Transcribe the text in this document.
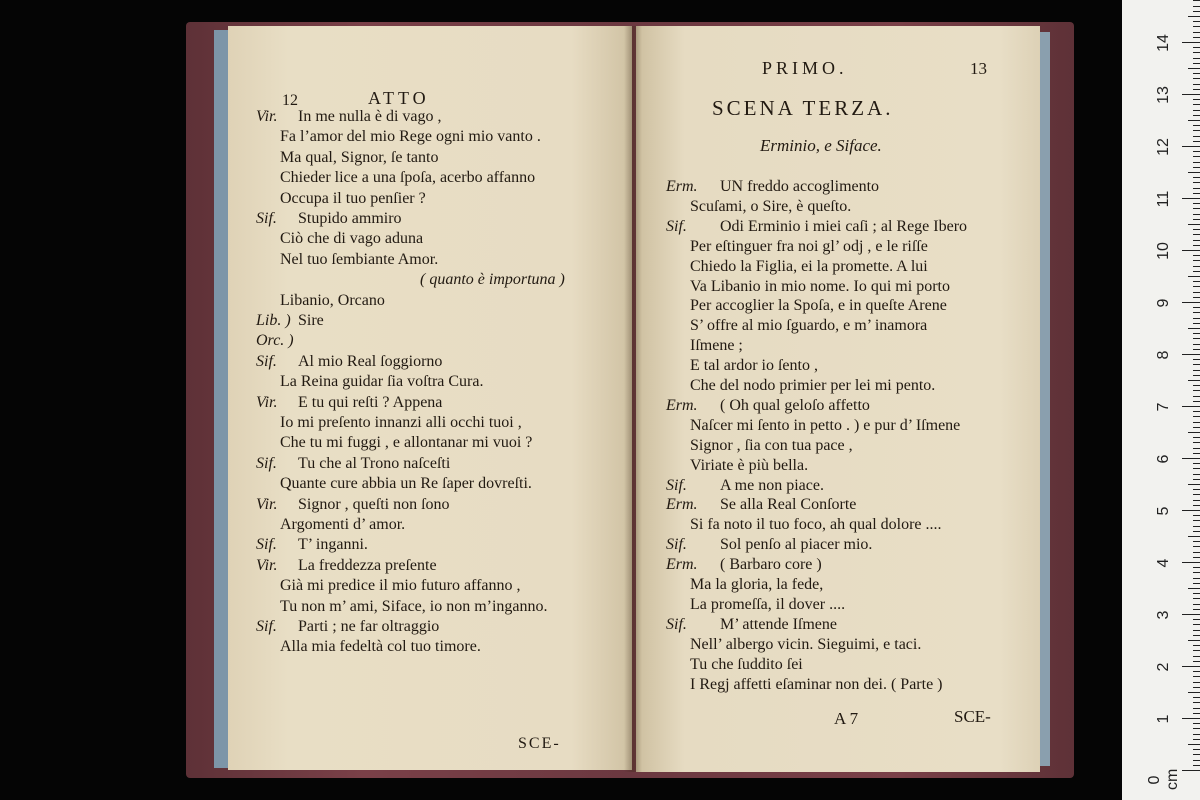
12	ATTO
Vir. In me nulla è di vago ,
Fa l’amor del mio Rege ogni mio vanto .
Ma qual, Signor, ſe tanto
Chieder lice a una ſpoſa, acerbo affanno
Occupa il tuo penſier ?
Sif. Stupido ammiro
Ciò che di vago aduna
Nel tuo ſembiante Amor.
( quanto è importuna )
Libanio, Orcano
Lib. ) Sire
Orc. )
Sif. Al mio Real ſoggiorno
La Reina guidar ſia voſtra Cura.
Vir. E tu qui reſti ? Appena
Io mi preſento innanzi alli occhi tuoi ,
Che tu mi fuggi , e allontanar mi vuoi ?
Sif. Tu che al Trono naſceſti
Quante cure abbia un Re ſaper dovreſti.
Vir. Signor , queſti non ſono
Argomenti d’ amor.
Sif. T’ inganni.
Vir. La freddezza preſente
Già mi predice il mio futuro affanno ,
Tu non m’ ami, Siface, io non m’inganno.
Sif. Parti ; ne far oltraggio
Alla mia fedeltà col tuo timore.
SCE-
PRIMO.	13
SCENA TERZA.
Erminio, e Siface.
Erm. UN freddo accoglimento
Scuſami, o Sire, è queſto.
Sif. Odi Erminio i miei caſi ; al Rege Ibero
Per eſtinguer fra noi gl’ odj , e le riſſe
Chiedo la Figlia, ei la promette. A lui
Va Libanio in mio nome. Io qui mi porto
Per accoglier la Spoſa, e in queſte Arene
S’ offre al mio ſguardo, e m’ inamora
Iſmene ;
E tal ardor io ſento ,
Che del nodo primier per lei mi pento.
Erm. ( Oh qual geloſo affetto
Naſcer mi ſento in petto . ) e pur d’ Iſmene
Signor , ſia con tua pace ,
Viriate è più bella.
Sif. A me non piace.
Erm. Se alla Real Conſorte
Si fa noto il tuo foco, ah qual dolore ....
Sif. Sol penſo al piacer mio.
Erm. ( Barbaro core )
Ma la gloria, la fede,
La promeſſa, il dover ....
Sif. M’ attende Iſmene
Nell’ albergo vicin. Sieguimi, e taci.
Tu che ſuddito ſei
I Regj affetti eſaminar non dei. ( Parte )
A 7	SCE-
14
13
12
11
10
9
8
7
6
5
4
3
2
1
0 cm
